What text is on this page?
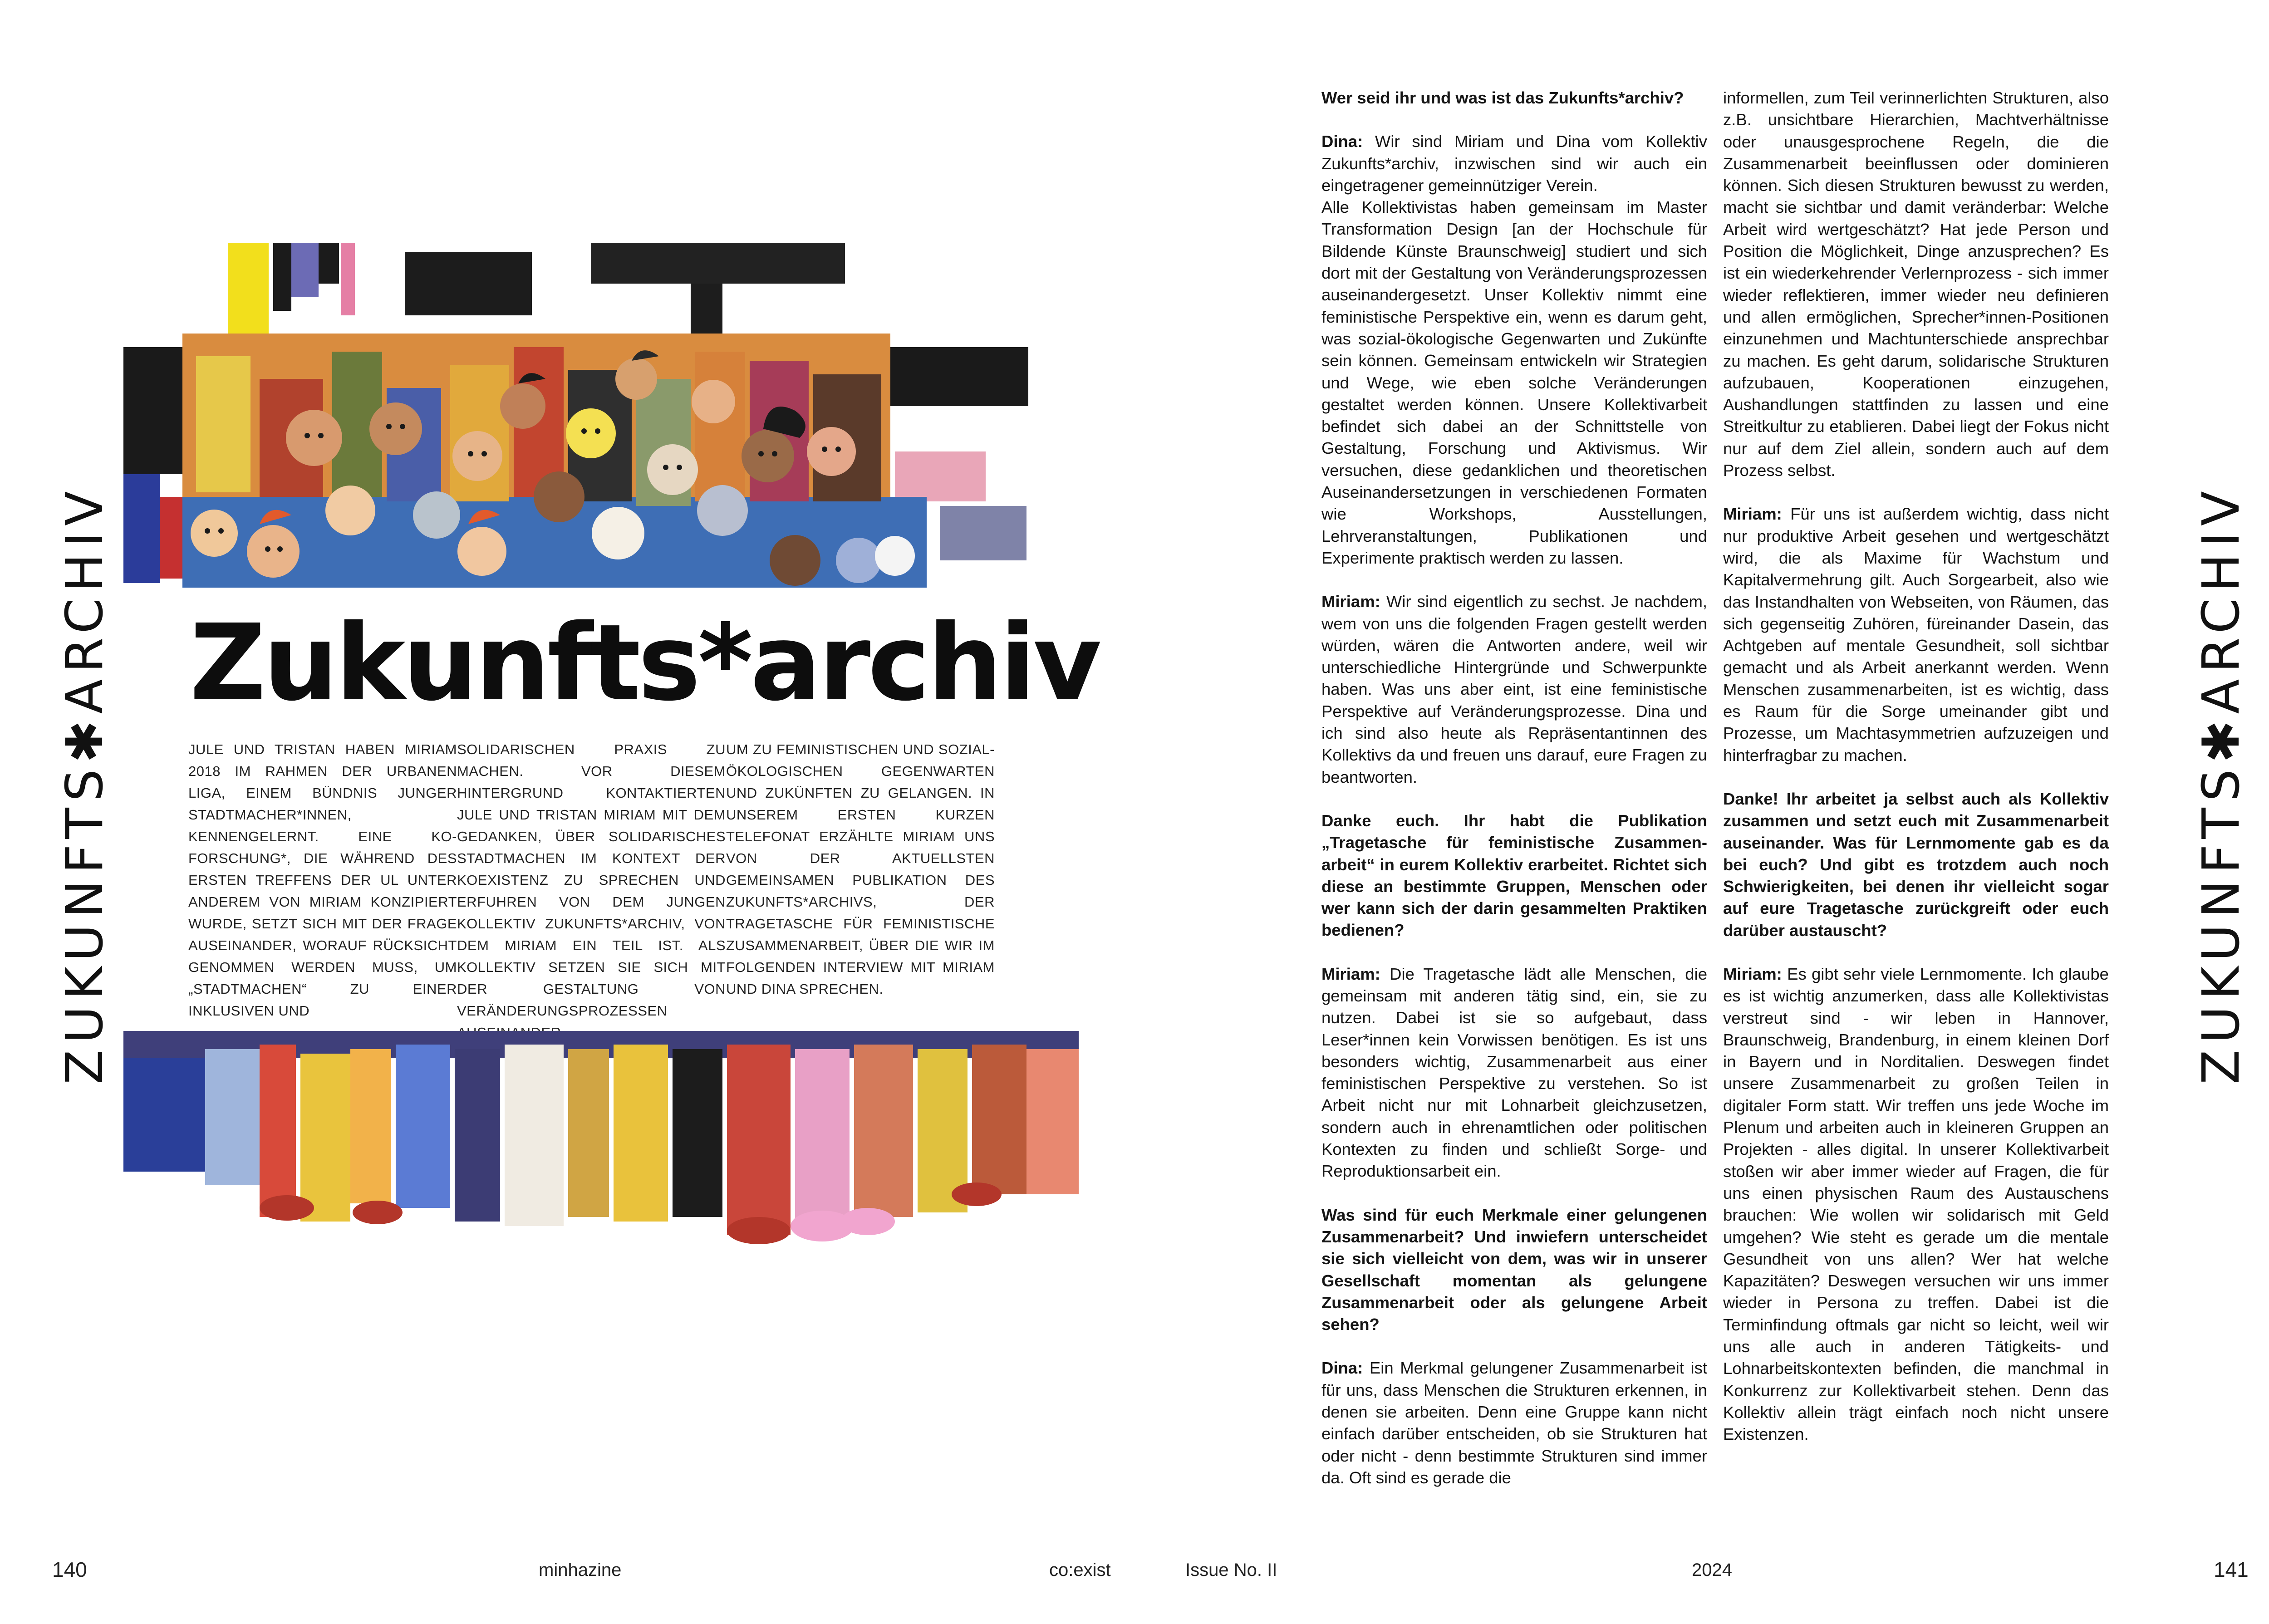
ZUKUNFTS✱ARCHIV Zukunfts*archiv
JULE UND TRISTAN HABEN MIRIAM 2018 IM RAHMEN DER URBANEN LIGA, EINEM BÜNDNIS JUNGER STADTMACHER*INNEN, KENNENGELERNT. EINE KO-FORSCHUNG*, DIE WÄHREND DES ERSTEN TREFFENS DER UL UNTER ANDEREM VON MIRIAM KONZIPIERT WURDE, SETZT SICH MIT DER FRAGE AUSEINANDER, WORAUF RÜCKSICHT GENOMMEN WERDEN MUSS, UM „STADTMACHEN“ ZU EINER INKLUSIVEN UND
SOLIDARISCHEN PRAXIS ZU MACHEN. VOR DIESEM HINTERGRUND KONTAKTIERTEN JULE UND TRISTAN MIRIAM MIT DEM GEDANKEN, ÜBER SOLIDARISCHES STADTMACHEN IM KONTEXT DER KOEXISTENZ ZU SPRECHEN UND ERFUHREN VON DEM JUNGEN KOLLEKTIV ZUKUNFTS*ARCHIV, VON DEM MIRIAM EIN TEIL IST. ALS KOLLEKTIV SETZEN SIE SICH MIT DER GESTALTUNG VON VERÄNDERUNGSPROZESSEN
UM ZU FEMINISTISCHEN UND SOZIAL-ÖKOLOGISCHEN GEGENWARTEN UND ZUKÜNFTEN ZU GELANGEN. IN UNSEREM ERSTEN KURZEN TELEFONAT ERZÄHLTE MIRIAM UNS VON DER AKTUELLSTEN GEMEINSAMEN PUBLIKATION DES ZUKUNFTS*ARCHIVS, DER TRAGETASCHE FÜR FEMINISTISCHE ZUSAMMENARBEIT, ÜBER DIE WIR IM FOLGENDEN INTERVIEW MIT MIRIAM UND DINA SPRECHEN.

Wer seid ihr und was ist das Zukunfts*archiv?

Dina: Wir sind Miriam und Dina vom Kollektiv Zukunfts*archiv, inzwischen sind wir auch ein eingetragener gemeinnütziger Verein.
Alle Kollektivistas haben gemeinsam im Master Transformation Design [an der Hochschule für Bildende Künste Braunschweig] studiert und sich dort mit der Gestaltung von Veränderungsprozessen auseinandergesetzt. Unser Kollektiv nimmt eine feministische Perspektive ein, wenn es darum geht, was sozial-ökologische Gegenwarten und Zukünfte sein können. Gemeinsam entwickeln wir Strategien und Wege, wie eben solche Veränderungen gestaltet werden können. Unsere Kollektivarbeit befindet sich dabei an der Schnittstelle von Gestaltung, Forschung und Aktivismus. Wir versuchen, diese gedanklichen und theoretischen Auseinandersetzungen in verschiedenen Formaten wie Workshops, Ausstellungen, Lehrveranstaltungen, Publikationen und Experimente praktisch werden zu lassen.

Miriam: Wir sind eigentlich zu sechst. Je nachdem, wem von uns die folgenden Fragen gestellt werden würden, wären die Antworten andere, weil wir unterschiedliche Hintergründe und Schwerpunkte haben. Was uns aber eint, ist eine feministische Perspektive auf Veränderungsprozesse. Dina und ich sind also heute als Repräsentantinnen des Kollektivs da und freuen uns darauf, eure Fragen zu beantworten.

Danke euch. Ihr habt die Publikation „Tragetasche für feministische Zusammen- arbeit“ in eurem Kollektiv erarbeitet. Richtet sich diese an bestimmte Gruppen, Menschen oder wer kann sich der darin gesammelten Praktiken bedienen?

Miriam: Die Tragetasche lädt alle Menschen, die gemeinsam mit anderen tätig sind, ein, sie zu nutzen. Dabei ist sie so aufgebaut, dass Leser*innen kein Vorwissen benötigen. Es ist uns besonders wichtig, Zusammenarbeit aus einer feministischen Perspektive zu verstehen. So ist Arbeit nicht nur mit Lohnarbeit gleichzusetzen, sondern auch in ehrenamtlichen oder politischen Kontexten zu finden und schließt Sorge- und Reproduktionsarbeit ein.

Was sind für euch Merkmale einer gelungenen Zusammenarbeit? Und inwiefern unterscheidet sie sich vielleicht von dem, was wir in unserer Gesellschaft momentan als gelungene Zusammenarbeit oder als gelungene Arbeit sehen?

Dina: Ein Merkmal gelungener Zusammenarbeit ist für uns, dass Menschen die Strukturen erkennen, in denen sie arbeiten. Denn eine Gruppe kann nicht einfach darüber entscheiden, ob sie Strukturen hat oder nicht - denn bestimmte Strukturen sind immer da. Oft sind es gerade die

informellen, zum Teil verinnerlichten Strukturen, also z.B. unsichtbare Hierarchien, Machtverhältnisse oder unausgesprochene Regeln, die die Zusammenarbeit beeinflussen oder dominieren können. Sich diesen Strukturen bewusst zu werden, macht sie sichtbar und damit veränderbar: Welche Arbeit wird wertgeschätzt? Hat jede Person und Position die Möglichkeit, Dinge anzusprechen? Es ist ein wiederkehrender Verlernprozess - sich immer wieder reflektieren, immer wieder neu definieren und allen ermöglichen, Sprecher*innen-Positionen einzunehmen und Machtunterschiede ansprechbar zu machen. Es geht darum, solidarische Strukturen aufzubauen, Kooperationen einzugehen, Aushandlungen stattfinden zu lassen und eine Streitkultur zu etablieren. Dabei liegt der Fokus nicht nur auf dem Ziel allein, sondern auch auf dem Prozess selbst.

Miriam: Für uns ist außerdem wichtig, dass nicht nur produktive Arbeit gesehen und wertgeschätzt wird, die als Maxime für Wachstum und Kapitalvermehrung gilt. Auch Sorgearbeit, also wie das Instandhalten von Webseiten, von Räumen, das sich gegenseitig Zuhören, füreinander Dasein, das Achtgeben auf mentale Gesundheit, soll sichtbar gemacht und als Arbeit anerkannt werden. Wenn Menschen zusammenarbeiten, ist es wichtig, dass es Raum für die Sorge umeinander gibt und Prozesse, um Machtasymmetrien aufzuzeigen und hinterfragbar zu machen.

Danke! Ihr arbeitet ja selbst auch als Kollektiv zusammen und setzt euch mit Zusammenarbeit auseinander. Was für Lernmomente gab es da bei euch? Und gibt es trotzdem auch noch Schwierigkeiten, bei denen ihr vielleicht sogar auf eure Tragetasche zurückgreift oder euch darüber austauscht?

Miriam: Es gibt sehr viele Lernmomente. Ich glaube es ist wichtig anzumerken, dass alle Kollektivistas verstreut sind - wir leben in Hannover, Braunschweig, Brandenburg, in einem kleinen Dorf in Bayern und in Norditalien. Deswegen findet unsere Zusammenarbeit zu großen Teilen in digitaler Form statt. Wir treffen uns jede Woche im Plenum und arbeiten auch in kleineren Gruppen an Projekten - alles digital. In unserer Kollektivarbeit stoßen wir aber immer wieder auf Fragen, die für uns einen physischen Raum des Austauschens brauchen: Wie wollen wir solidarisch mit Geld umgehen? Wie steht es gerade um die mentale Gesundheit von uns allen? Wer hat welche Kapazitäten? Deswegen versuchen wir uns immer wieder in Persona zu treffen. Dabei ist die Terminfindung oftmals gar nicht so leicht, weil wir uns alle auch in anderen Tätigkeits- und Lohnarbeitskontexten befinden, die manchmal in Konkurrenz zur Kollektivarbeit stehen. Denn das Kollektiv allein trägt einfach noch nicht unsere Existenzen.

ZUKUNFTS✱ARCHIV
140	minhazine	co:exist	Issue No. II	2024	141
